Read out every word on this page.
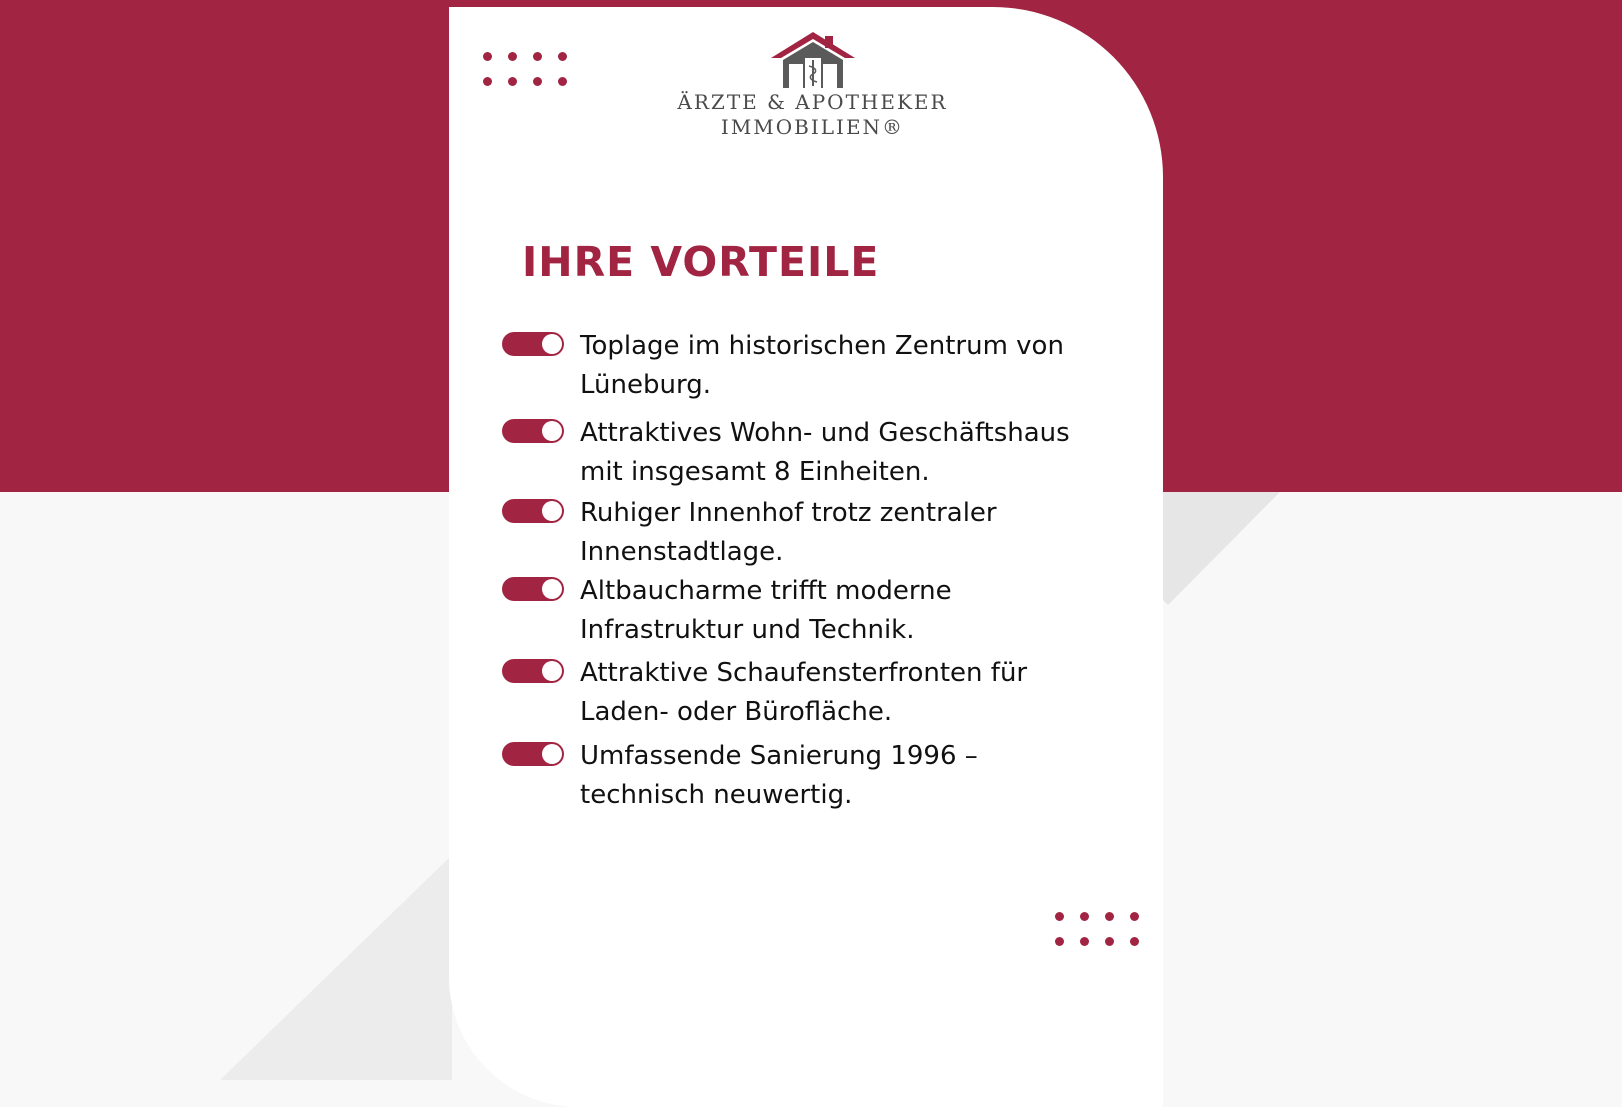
ÄRZTE & APOTHEKER
IMMOBILIEN®
IHRE VORTEILE
Toplage im historischen Zentrum von
Lüneburg.
Attraktives Wohn- und Geschäftshaus
mit insgesamt 8 Einheiten.
Ruhiger Innenhof trotz zentraler
Innenstadtlage.
Altbaucharme trifft moderne
Infrastruktur und Technik.
Attraktive Schaufensterfronten für
Laden- oder Bürofläche.
Umfassende Sanierung 1996 –
technisch neuwertig.
